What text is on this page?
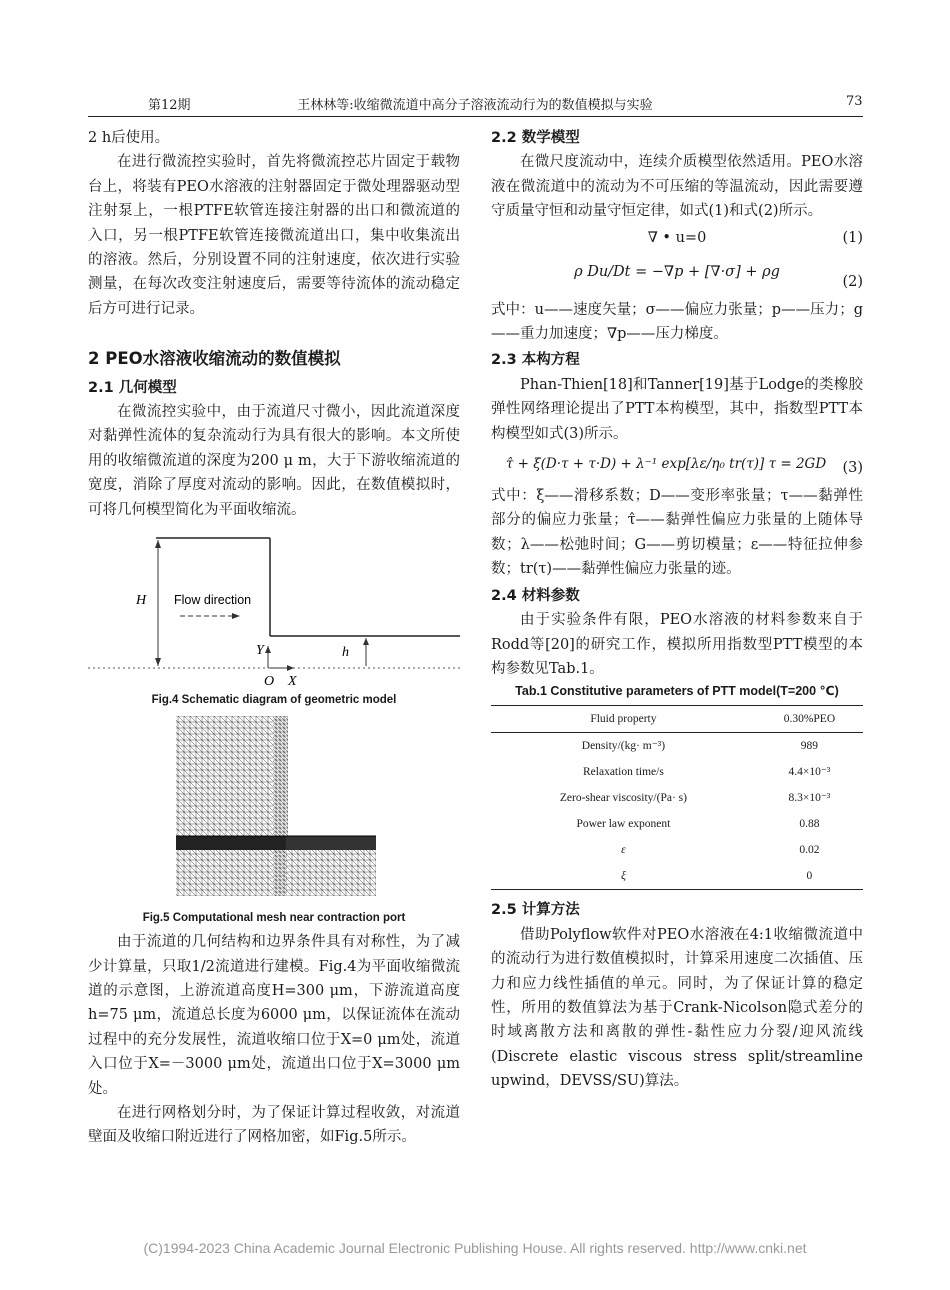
第12期	王林林等:收缩微流道中高分子溶液流动行为的数值模拟与实验	73

2 h后使用。

在进行微流控实验时，首先将微流控芯片固定于载物台上，将装有PEO水溶液的注射器固定于微处理器驱动型注射泵上，一根PTFE软管连接注射器的出口和微流道的入口，另一根PTFE软管连接微流道出口，集中收集流出的溶液。然后，分别设置不同的注射速度，依次进行实验测量，在每次改变注射速度后，需要等待流体的流动稳定后方可进行记录。

2 PEO水溶液收缩流动的数值模拟

2.1 几何模型

在微流控实验中，由于流道尺寸微小，因此流道深度对黏弹性流体的复杂流动行为具有很大的影响。本文所使用的收缩微流道的深度为200 μ m，大于下游收缩流道的宽度，消除了厚度对流动的影响。因此，在数值模拟时，可将几何模型简化为平面收缩流。

H Flow direction
Y	h
O X
Fig.4 Schematic diagram of geometric model
Fig.5 Computational mesh near contraction port

由于流道的几何结构和边界条件具有对称性，为了减少计算量，只取1/2流道进行建模。Fig.4为平面收缩微流道的示意图，上游流道高度H=300 μm，下游流道高度h=75 μm，流道总长度为6000 μm，以保证流体在流动过程中的充分发展性，流道收缩口位于X=0 μm处，流道入口位于X=－3000 μm处，流道出口位于X=3000 μm处。

在进行网格划分时，为了保证计算过程收敛，对流道壁面及收缩口附近进行了网格加密，如Fig.5所示。

2.2 数学模型

在微尺度流动中，连续介质模型依然适用。PEO水溶液在微流道中的流动为不可压缩的等温流动，因此需要遵守质量守恒和动量守恒定律，如式(1)和式(2)所示。

∇ • u=0	(1)
ρ Du/Dt = −∇p + [∇·σ] + ρg
(2)

式中：u——速度矢量；σ——偏应力张量；p——压力；g——重力加速度；∇p——压力梯度。

2.3 本构方程

Phan-Thien[18]和Tanner[19]基于Lodge的类橡胶弹性网络理论提出了PTT本构模型，其中，指数型PTT本构模型如式(3)所示。

τ̂ + ξ(D·τ + τ·D) + λ⁻¹ exp[λε/η₀ tr(τ)] τ = 2GD	(3)

式中：ξ——滑移系数；D——变形率张量；τ——黏弹性部分的偏应力张量；τ̂——黏弹性偏应力张量的上随体导数；λ——松弛时间；G——剪切模量；ε——特征拉伸参数；tr(τ)——黏弹性偏应力张量的迹。

2.4 材料参数

由于实验条件有限，PEO水溶液的材料参数来自于Rodd等[20]的研究工作，模拟所用指数型PTT模型的本构参数见Tab.1。

Tab.1 Constitutive parameters of PTT model(T=200 ℃)
Fluid property	0.30%PEO
Density/(kg· m⁻³)	989
Relaxation time/s	4.4×10⁻³
Zero-shear viscosity/(Pa· s)	8.3×10⁻³
Power law exponent	0.88
ε	0.02
ξ	0

2.5 计算方法

借助Polyflow软件对PEO水溶液在4:1收缩微流道中的流动行为进行数值模拟时，计算采用速度二次插值、压力和应力线性插值的单元。同时，为了保证计算的稳定性，所用的数值算法为基于Crank-Nicolson隐式差分的时域离散方法和离散的弹性-黏性应力分裂/迎风流线(Discrete elastic viscous stress split/streamline upwind，DEVSS/SU)算法。

(C)1994-2023 China Academic Journal Electronic Publishing House. All rights reserved. http://www.cnki.net
